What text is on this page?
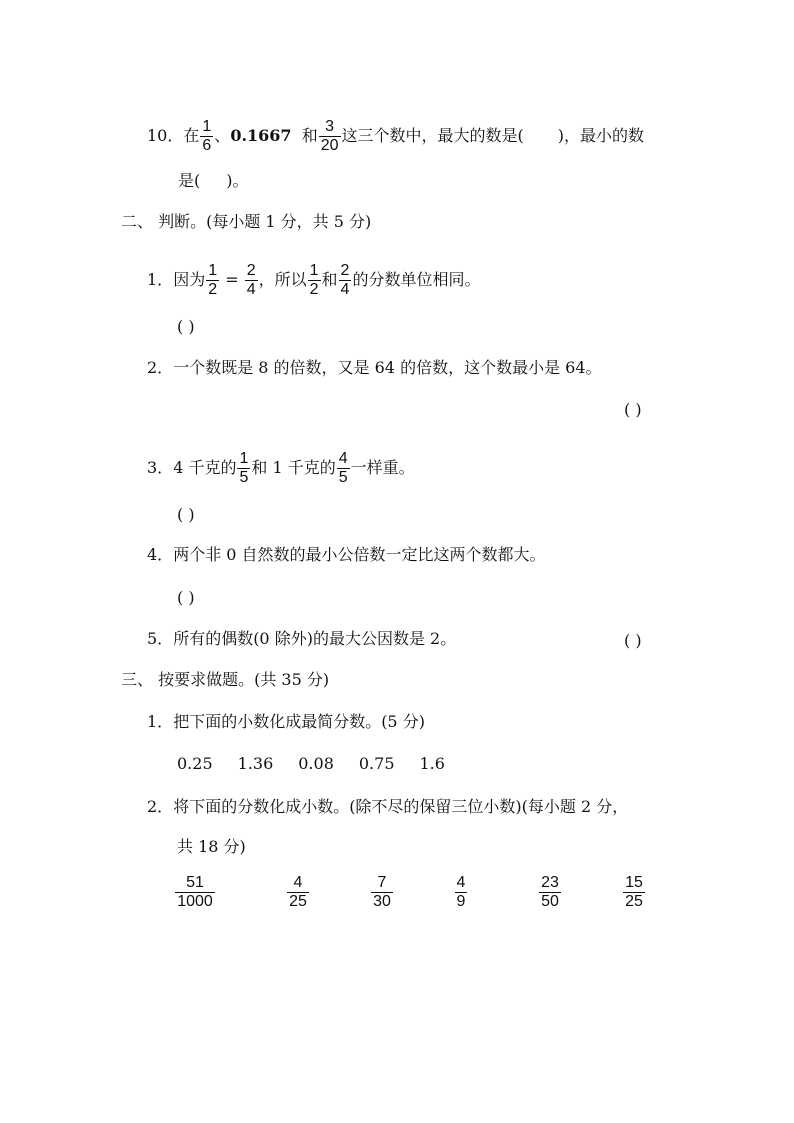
10．在 $\frac{1}{6}$ 、0.1667 和 $\frac{3}{20}$ 这三个数中，最大的数是( )，最小的数
是( )。
二、 判断。(每小题 1 分，共 5 分)
1．因为 $\frac{1}{2} = \frac{2}{4}$ ，所以 $\frac{1}{2}$ 和 $\frac{2}{4}$ 的分数单位相同。
( )
2．一个数既是 8 的倍数，又是 64 的倍数，这个数最小是 64。
( )
3．4 千克的 $\frac{1}{5}$ 和 1 千克的 $\frac{4}{5}$ 一样重。
( )
4．两个非 0 自然数的最小公倍数一定比这两个数都大。
( )
5．所有的偶数(0 除外)的最大公因数是 2。	( )
三、 按要求做题。(共 35 分)
1．把下面的小数化成最简分数。(5 分)
0.25 1.36 0.08 0.75 1.6
2．将下面的分数化成小数。(除不尽的保留三位小数)(每小题 2 分，
共 18 分)
$\frac{51}{1000}$	$\frac{4}{25}$	$\frac{7}{30}$	$\frac{4}{9}$	$\frac{23}{50}$	$\frac{15}{25}$
